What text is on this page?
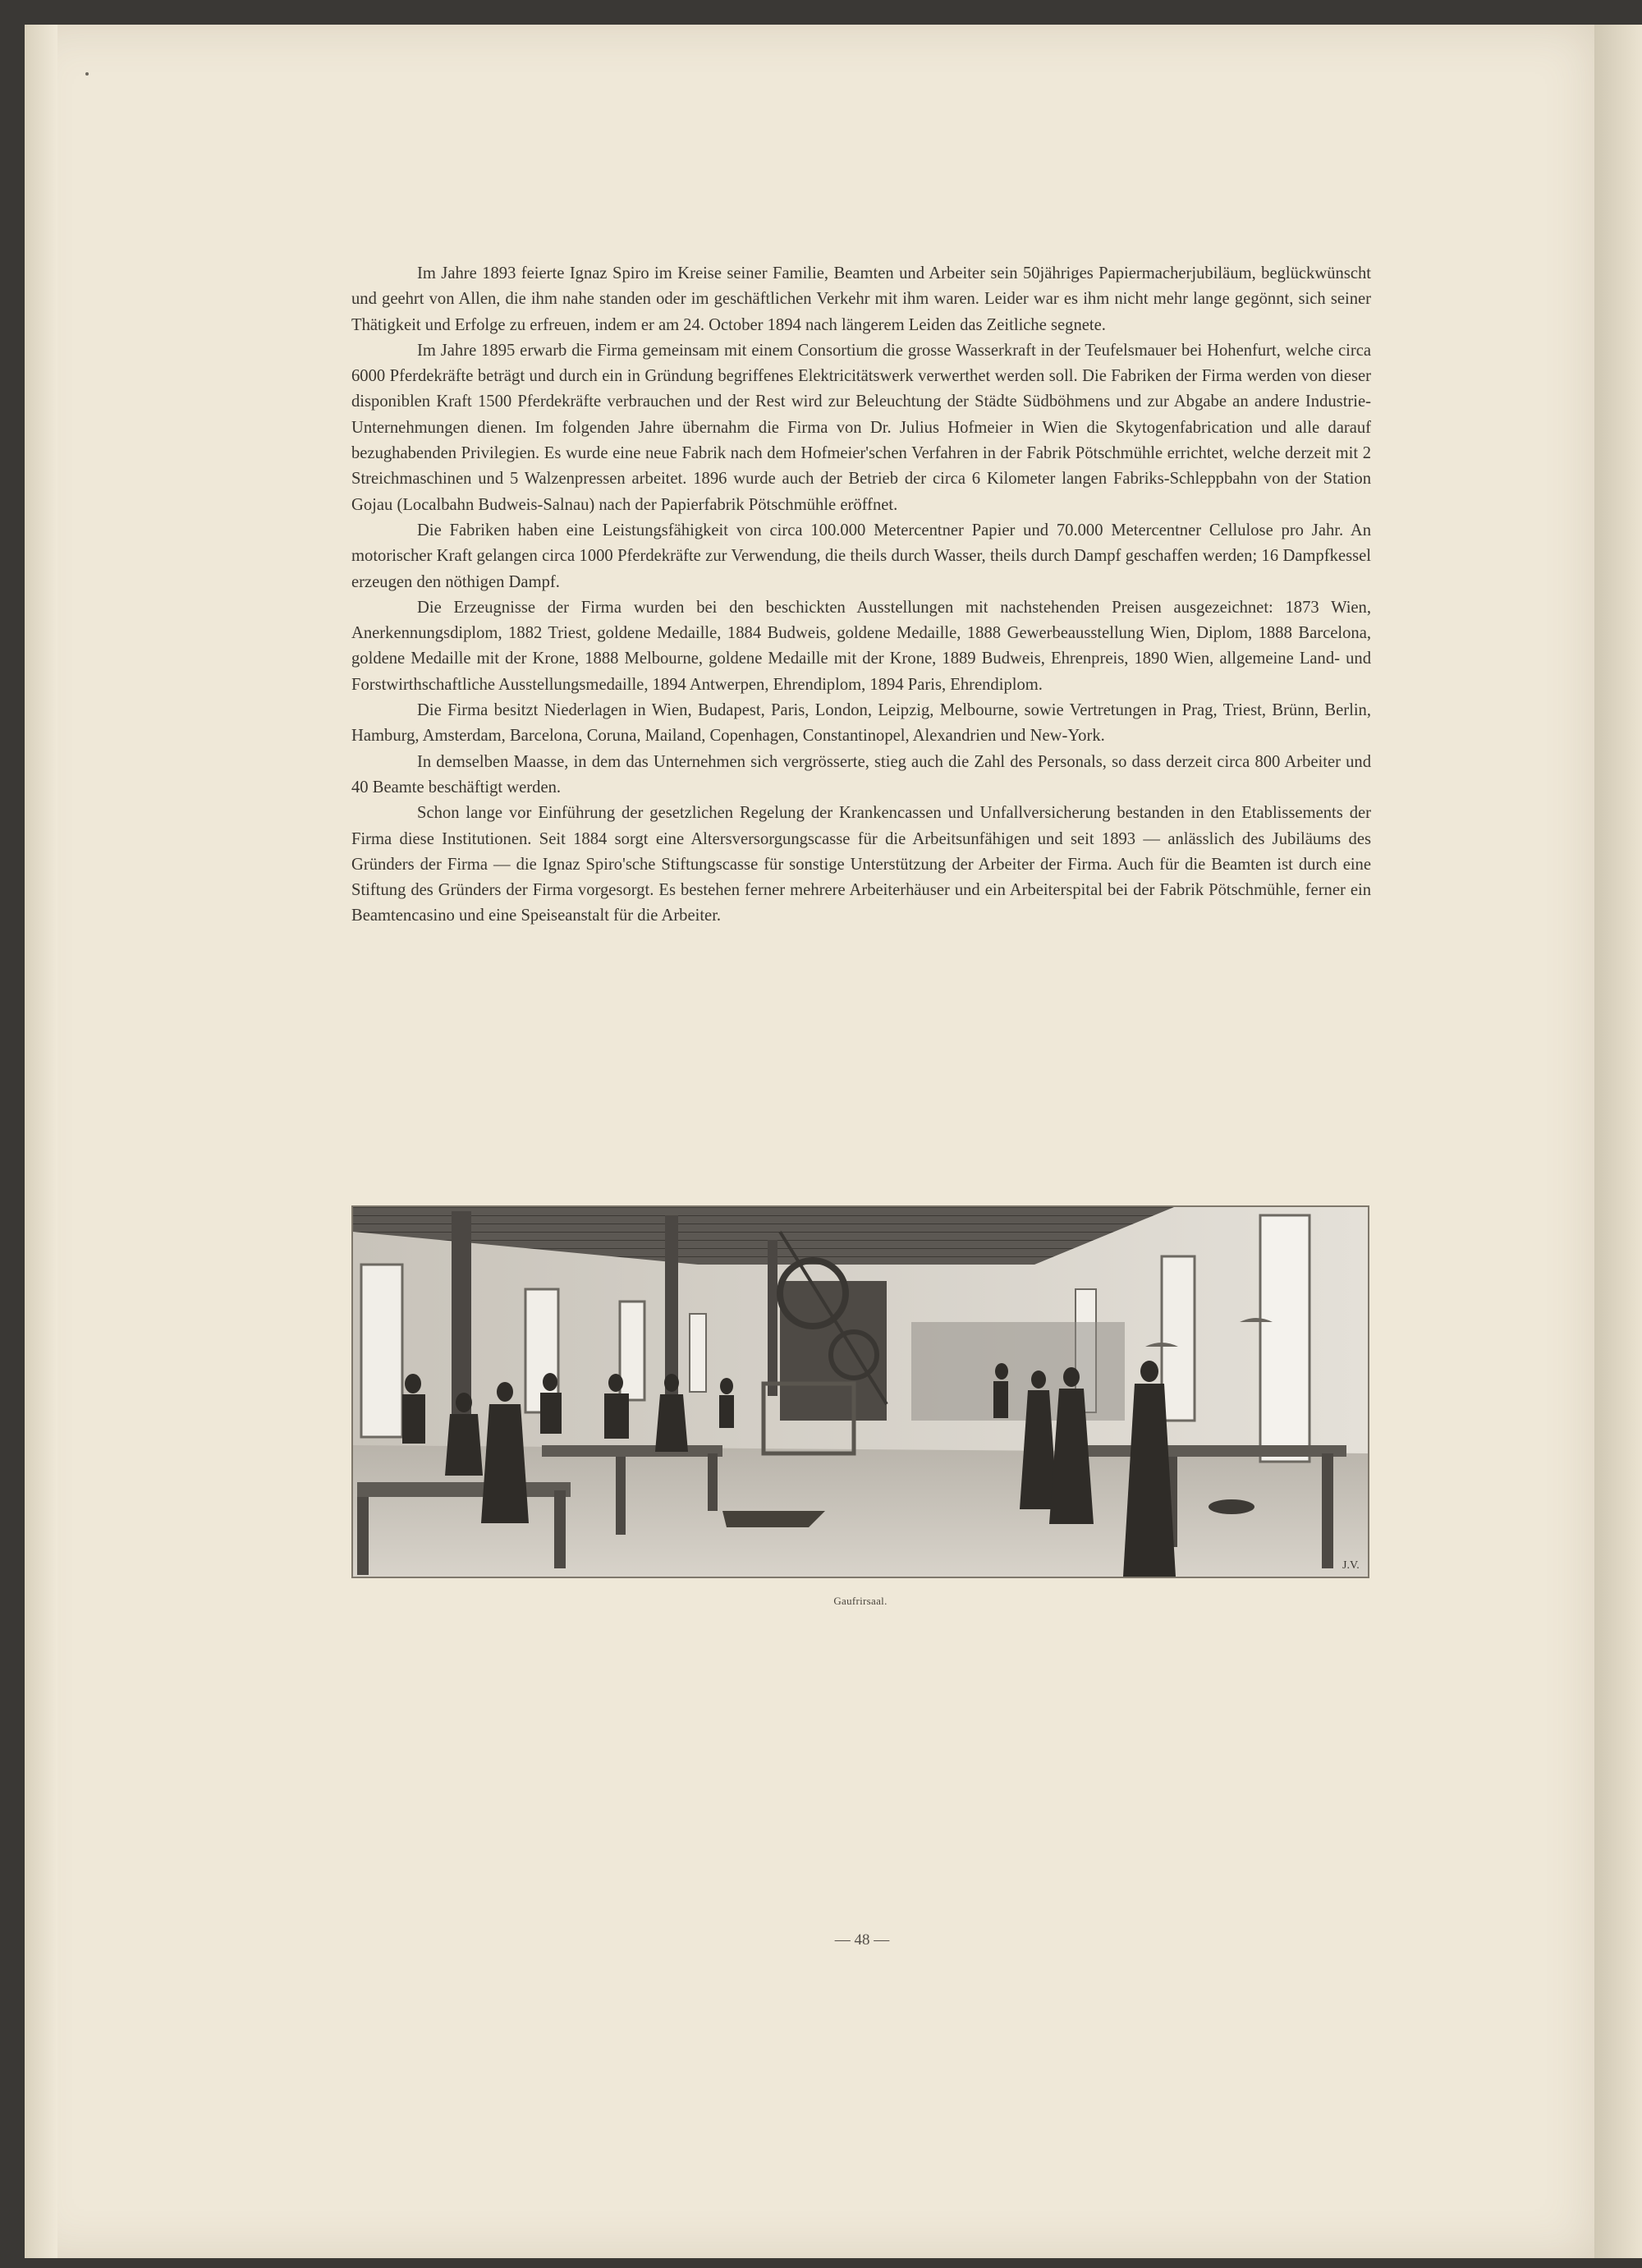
Im Jahre 1893 feierte Ignaz Spiro im Kreise seiner Familie, Beamten und Arbeiter sein 50jähriges Papiermacherjubiläum, beglückwünscht und geehrt von Allen, die ihm nahe standen oder im geschäftlichen Verkehr mit ihm waren. Leider war es ihm nicht mehr lange gegönnt, sich seiner Thätigkeit und Erfolge zu erfreuen, indem er am 24. October 1894 nach längerem Leiden das Zeitliche segnete.

Im Jahre 1895 erwarb die Firma gemeinsam mit einem Consortium die grosse Wasserkraft in der Teufelsmauer bei Hohenfurt, welche circa 6000 Pferdekräfte beträgt und durch ein in Gründung begriffenes Elektricitätswerk verwerthet werden soll. Die Fabriken der Firma werden von dieser disponiblen Kraft 1500 Pferdekräfte verbrauchen und der Rest wird zur Beleuchtung der Städte Südböhmens und zur Abgabe an andere Industrie-Unternehmungen dienen. Im folgenden Jahre übernahm die Firma von Dr. Julius Hofmeier in Wien die Skytogenfabrication und alle darauf bezughabenden Privilegien. Es wurde eine neue Fabrik nach dem Hofmeier'schen Verfahren in der Fabrik Pötschmühle errichtet, welche derzeit mit 2 Streichmaschinen und 5 Walzenpressen arbeitet. 1896 wurde auch der Betrieb der circa 6 Kilometer langen Fabriks-Schleppbahn von der Station Gojau (Localbahn Budweis-Salnau) nach der Papierfabrik Pötschmühle eröffnet.

Die Fabriken haben eine Leistungsfähigkeit von circa 100.000 Metercentner Papier und 70.000 Metercentner Cellulose pro Jahr. An motorischer Kraft gelangen circa 1000 Pferdekräfte zur Verwendung, die theils durch Wasser, theils durch Dampf geschaffen werden; 16 Dampfkessel erzeugen den nöthigen Dampf.

Die Erzeugnisse der Firma wurden bei den beschickten Ausstellungen mit nachstehenden Preisen ausgezeichnet: 1873 Wien, Anerkennungsdiplom, 1882 Triest, goldene Medaille, 1884 Budweis, goldene Medaille, 1888 Gewerbeausstellung Wien, Diplom, 1888 Barcelona, goldene Medaille mit der Krone, 1888 Melbourne, goldene Medaille mit der Krone, 1889 Budweis, Ehrenpreis, 1890 Wien, allgemeine Land- und Forstwirthschaftliche Ausstellungsmedaille, 1894 Antwerpen, Ehrendiplom, 1894 Paris, Ehrendiplom.

Die Firma besitzt Niederlagen in Wien, Budapest, Paris, London, Leipzig, Melbourne, sowie Vertretungen in Prag, Triest, Brünn, Berlin, Hamburg, Amsterdam, Barcelona, Coruna, Mailand, Copenhagen, Constantinopel, Alexandrien und New-York.

In demselben Maasse, in dem das Unternehmen sich vergrösserte, stieg auch die Zahl des Personals, so dass derzeit circa 800 Arbeiter und 40 Beamte beschäftigt werden.

Schon lange vor Einführung der gesetzlichen Regelung der Krankencassen und Unfallversicherung bestanden in den Etablissements der Firma diese Institutionen. Seit 1884 sorgt eine Altersversorgungscasse für die Arbeitsunfähigen und seit 1893 — anlässlich des Jubiläums des Gründers der Firma — die Ignaz Spiro'sche Stiftungscasse für sonstige Unterstützung der Arbeiter der Firma. Auch für die Beamten ist durch eine Stiftung des Gründers der Firma vorgesorgt. Es bestehen ferner mehrere Arbeiterhäuser und ein Arbeiterspital bei der Fabrik Pötschmühle, ferner ein Beamtencasino und eine Speiseanstalt für die Arbeiter.

J.V.
Gaufrirsaal.
— 48 —
